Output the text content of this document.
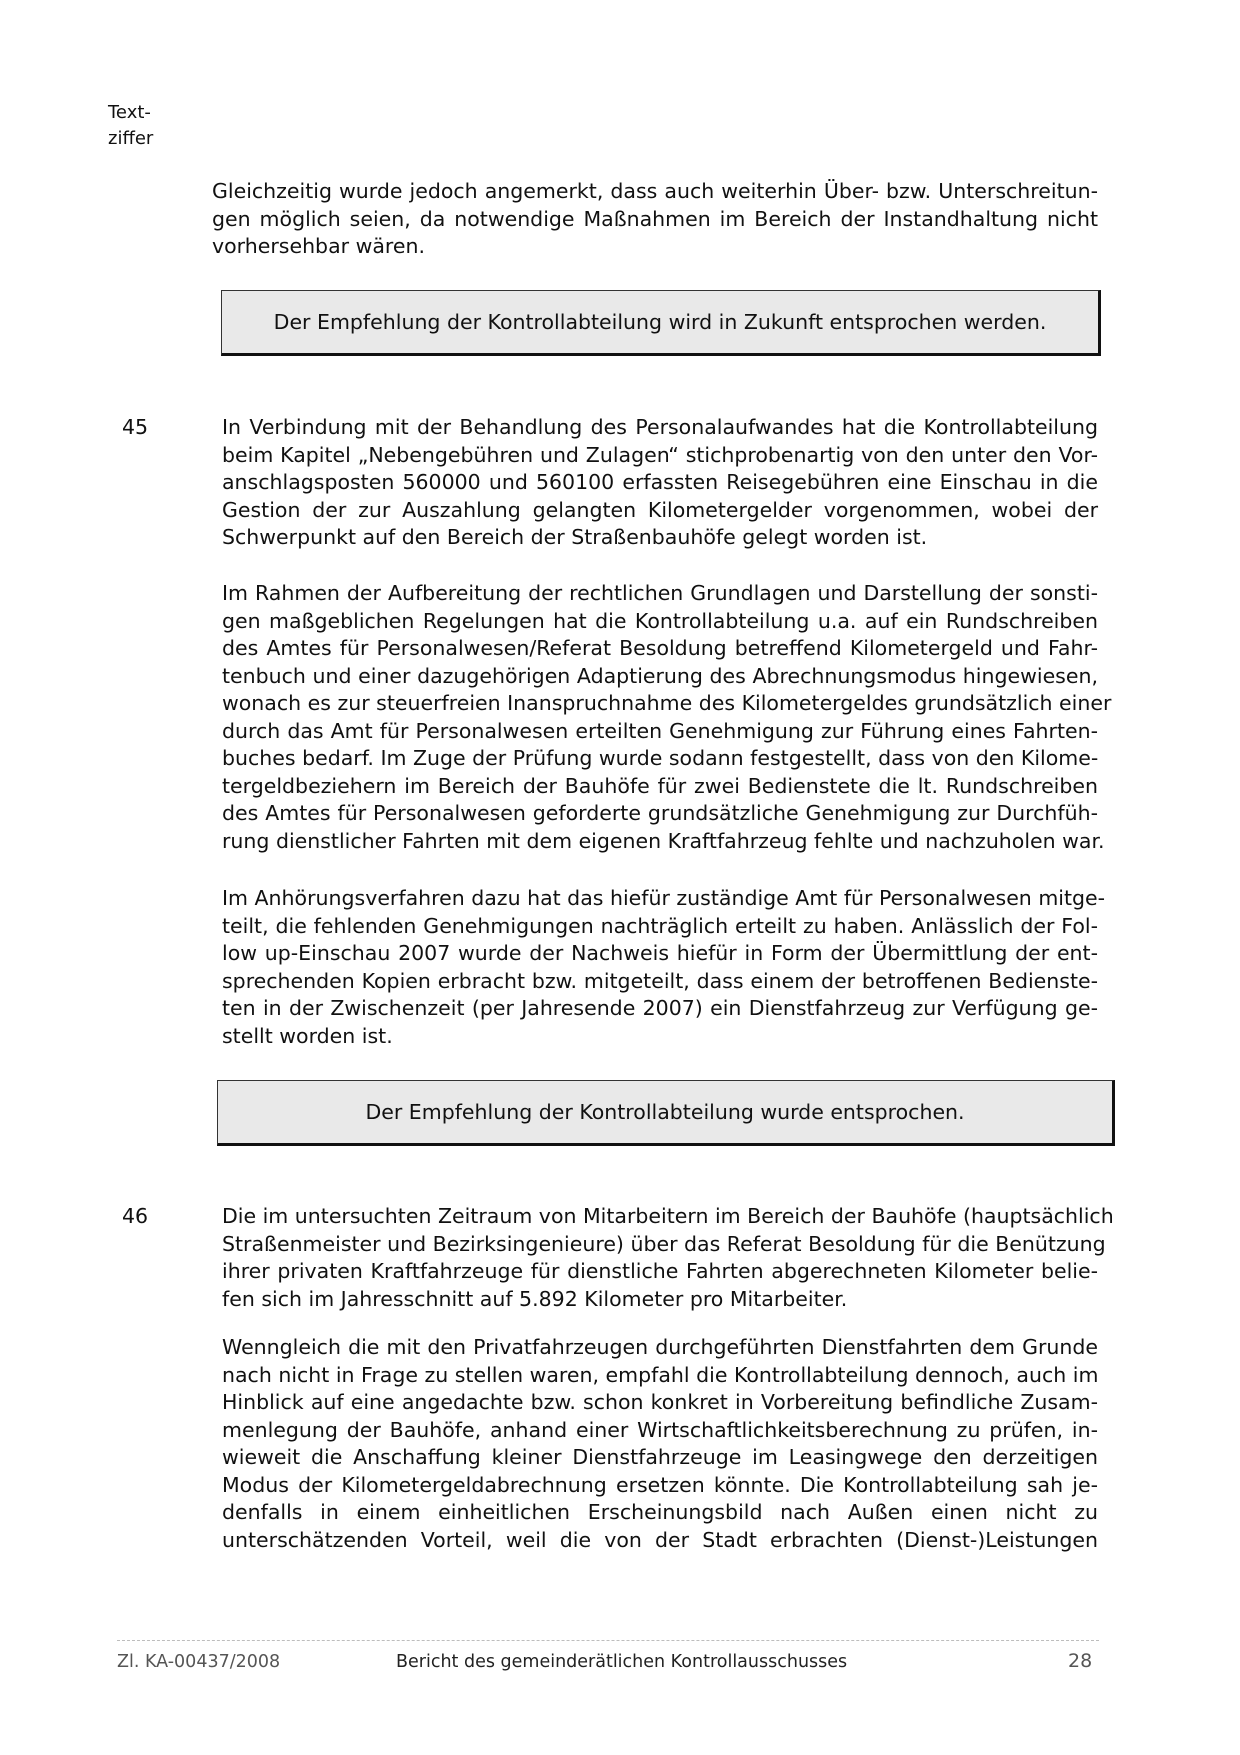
Text-
ziffer
Gleichzeitig wurde jedoch angemerkt, dass auch weiterhin Über- bzw. Unterschreitun-
gen möglich seien, da notwendige Maßnahmen im Bereich der Instandhaltung nicht
vorhersehbar wären.
Der Empfehlung der Kontrollabteilung wird in Zukunft entsprochen werden.
45	In Verbindung mit der Behandlung des Personalaufwandes hat die Kontrollabteilung
beim Kapitel „Nebengebühren und Zulagen“ stichprobenartig von den unter den Vor-
anschlagsposten 560000 und 560100 erfassten Reisegebühren eine Einschau in die
Gestion der zur Auszahlung gelangten Kilometergelder vorgenommen, wobei der
Schwerpunkt auf den Bereich der Straßenbauhöfe gelegt worden ist.
Im Rahmen der Aufbereitung der rechtlichen Grundlagen und Darstellung der sonsti-
gen maßgeblichen Regelungen hat die Kontrollabteilung u.a. auf ein Rundschreiben
des Amtes für Personalwesen/Referat Besoldung betreffend Kilometergeld und Fahr-
tenbuch und einer dazugehörigen Adaptierung des Abrechnungsmodus hingewiesen,
wonach es zur steuerfreien Inanspruchnahme des Kilometergeldes grundsätzlich einer
durch das Amt für Personalwesen erteilten Genehmigung zur Führung eines Fahrten-
buches bedarf. Im Zuge der Prüfung wurde sodann festgestellt, dass von den Kilome-
tergeldbeziehern im Bereich der Bauhöfe für zwei Bedienstete die lt. Rundschreiben
des Amtes für Personalwesen geforderte grundsätzliche Genehmigung zur Durchfüh-
rung dienstlicher Fahrten mit dem eigenen Kraftfahrzeug fehlte und nachzuholen war.
Im Anhörungsverfahren dazu hat das hiefür zuständige Amt für Personalwesen mitge-
teilt, die fehlenden Genehmigungen nachträglich erteilt zu haben. Anlässlich der Fol-
low up-Einschau 2007 wurde der Nachweis hiefür in Form der Übermittlung der ent-
sprechenden Kopien erbracht bzw. mitgeteilt, dass einem der betroffenen Bedienste-
ten in der Zwischenzeit (per Jahresende 2007) ein Dienstfahrzeug zur Verfügung ge-
stellt worden ist.
Der Empfehlung der Kontrollabteilung wurde entsprochen.
46	Die im untersuchten Zeitraum von Mitarbeitern im Bereich der Bauhöfe (hauptsächlich
Straßenmeister und Bezirksingenieure) über das Referat Besoldung für die Benützung
ihrer privaten Kraftfahrzeuge für dienstliche Fahrten abgerechneten Kilometer belie-
fen sich im Jahresschnitt auf 5.892 Kilometer pro Mitarbeiter.
Wenngleich die mit den Privatfahrzeugen durchgeführten Dienstfahrten dem Grunde
nach nicht in Frage zu stellen waren, empfahl die Kontrollabteilung dennoch, auch im
Hinblick auf eine angedachte bzw. schon konkret in Vorbereitung befindliche Zusam-
menlegung der Bauhöfe, anhand einer Wirtschaftlichkeitsberechnung zu prüfen, in-
wieweit die Anschaffung kleiner Dienstfahrzeuge im Leasingwege den derzeitigen
Modus der Kilometergeldabrechnung ersetzen könnte. Die Kontrollabteilung sah je-
denfalls in einem einheitlichen Erscheinungsbild nach Außen einen nicht zu
unterschätzenden Vorteil, weil die von der Stadt erbrachten (Dienst-)Leistungen
Zl. KA-00437/2008	Bericht des gemeinderätlichen Kontrollausschusses	28
